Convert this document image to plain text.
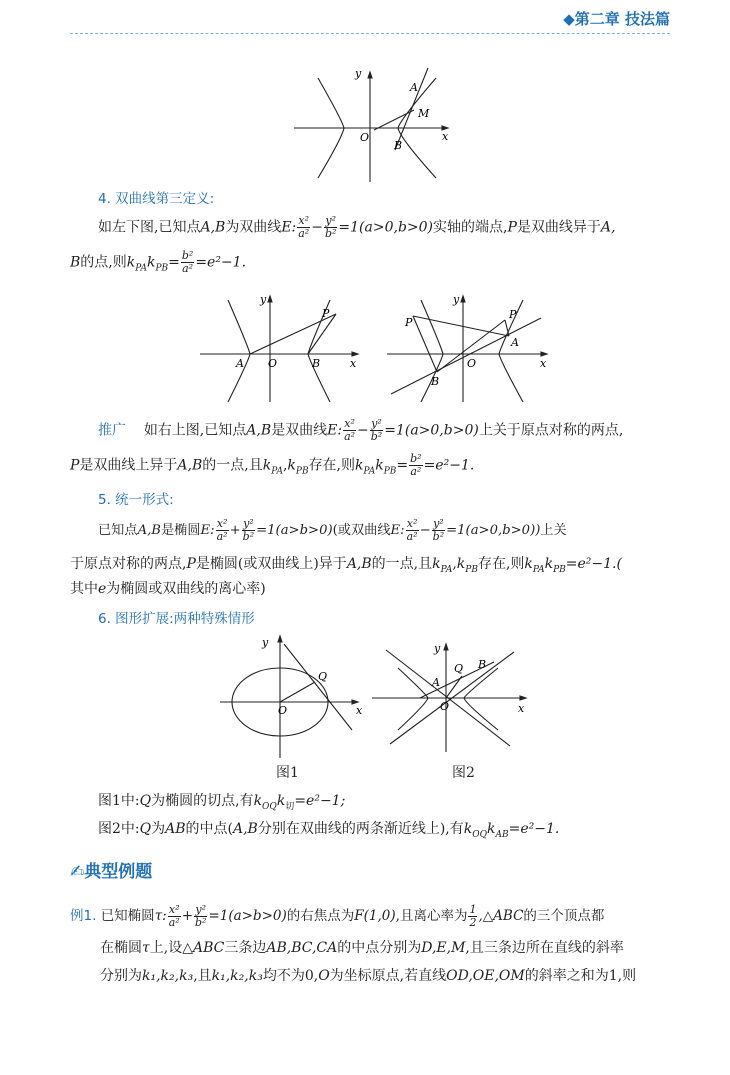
◆第二章 技法篇
y
x
O
A
M
B
4. 双曲线第三定义:
如左下图,已知点A,B为双曲线E: $\frac{\text{x²}}{\text{a²}} - \frac{\text{y²}}{\text{b²}} =1(a>0,b>0)$实轴的端点,P是双曲线异于A,
B的点,则$k_{PA}k_{PB}= \frac{\text{b²}}{\text{a²}} =e^2-1$.
y
x
P
A O	B
y
x
P
P
A
O
B
推广 如右上图,已知点A,B是双曲线E: $\frac{\text{x²}}{\text{a²}} - \frac{\text{y²}}{\text{b²}} =1(a>0,b>0)$上关于原点对称的两点,
P是双曲线上异于A,B的一点,且$k_{PA},k_{PB}$存在,则$k_{PA}k_{PB}= \frac{\text{b²}}{\text{a²}} =e^2-1$.
5. 统一形式:
已知点A,B是椭圆E: $\frac{\text{x²}}{\text{a²}} + \frac{\text{y²}}{\text{b²}} =1(a>b>0)$(或双曲线E: $\frac{\text{x²}}{\text{a²}} - \frac{\text{y²}}{\text{b²}} =1(a>0,b>0)$)上关
于原点对称的两点,P是椭圆(或双曲线上)异于A,B的一点,且$k_{PA},k_{PB}$存在,则$k_{PA}k_{PB}=e^2-1$.(
其中e为椭圆或双曲线的离心率)
6. 图形扩展:两种特殊情形
y
x
O
Q
y
x
O
Q
A
B
图1	图2
图1中:Q为椭圆的切点,有$k_{OQ}k_切=e^2-1$;
图2中:Q为AB的中点(A,B分别在双曲线的两条渐近线上),有$k_{OQ}k_{AB}=e^2-1$.
✍典型例题
例1. 已知椭圆τ: $\frac{\text{x²}}{\text{a²}} + \frac{\text{y²}}{\text{b²}} =1(a>b>0)$的右焦点为F(1,0),且离心率为 $\frac{1}{2}$ ,△ABC的三个顶点都
在椭圆τ上,设△ABC三条边AB,BC,CA的中点分别为D,E,M,且三条边所在直线的斜率
分别为k₁,k₂,k₃,且k₁,k₂,k₃均不为0,O为坐标原点,若直线OD,OE,OM的斜率之和为1,则
